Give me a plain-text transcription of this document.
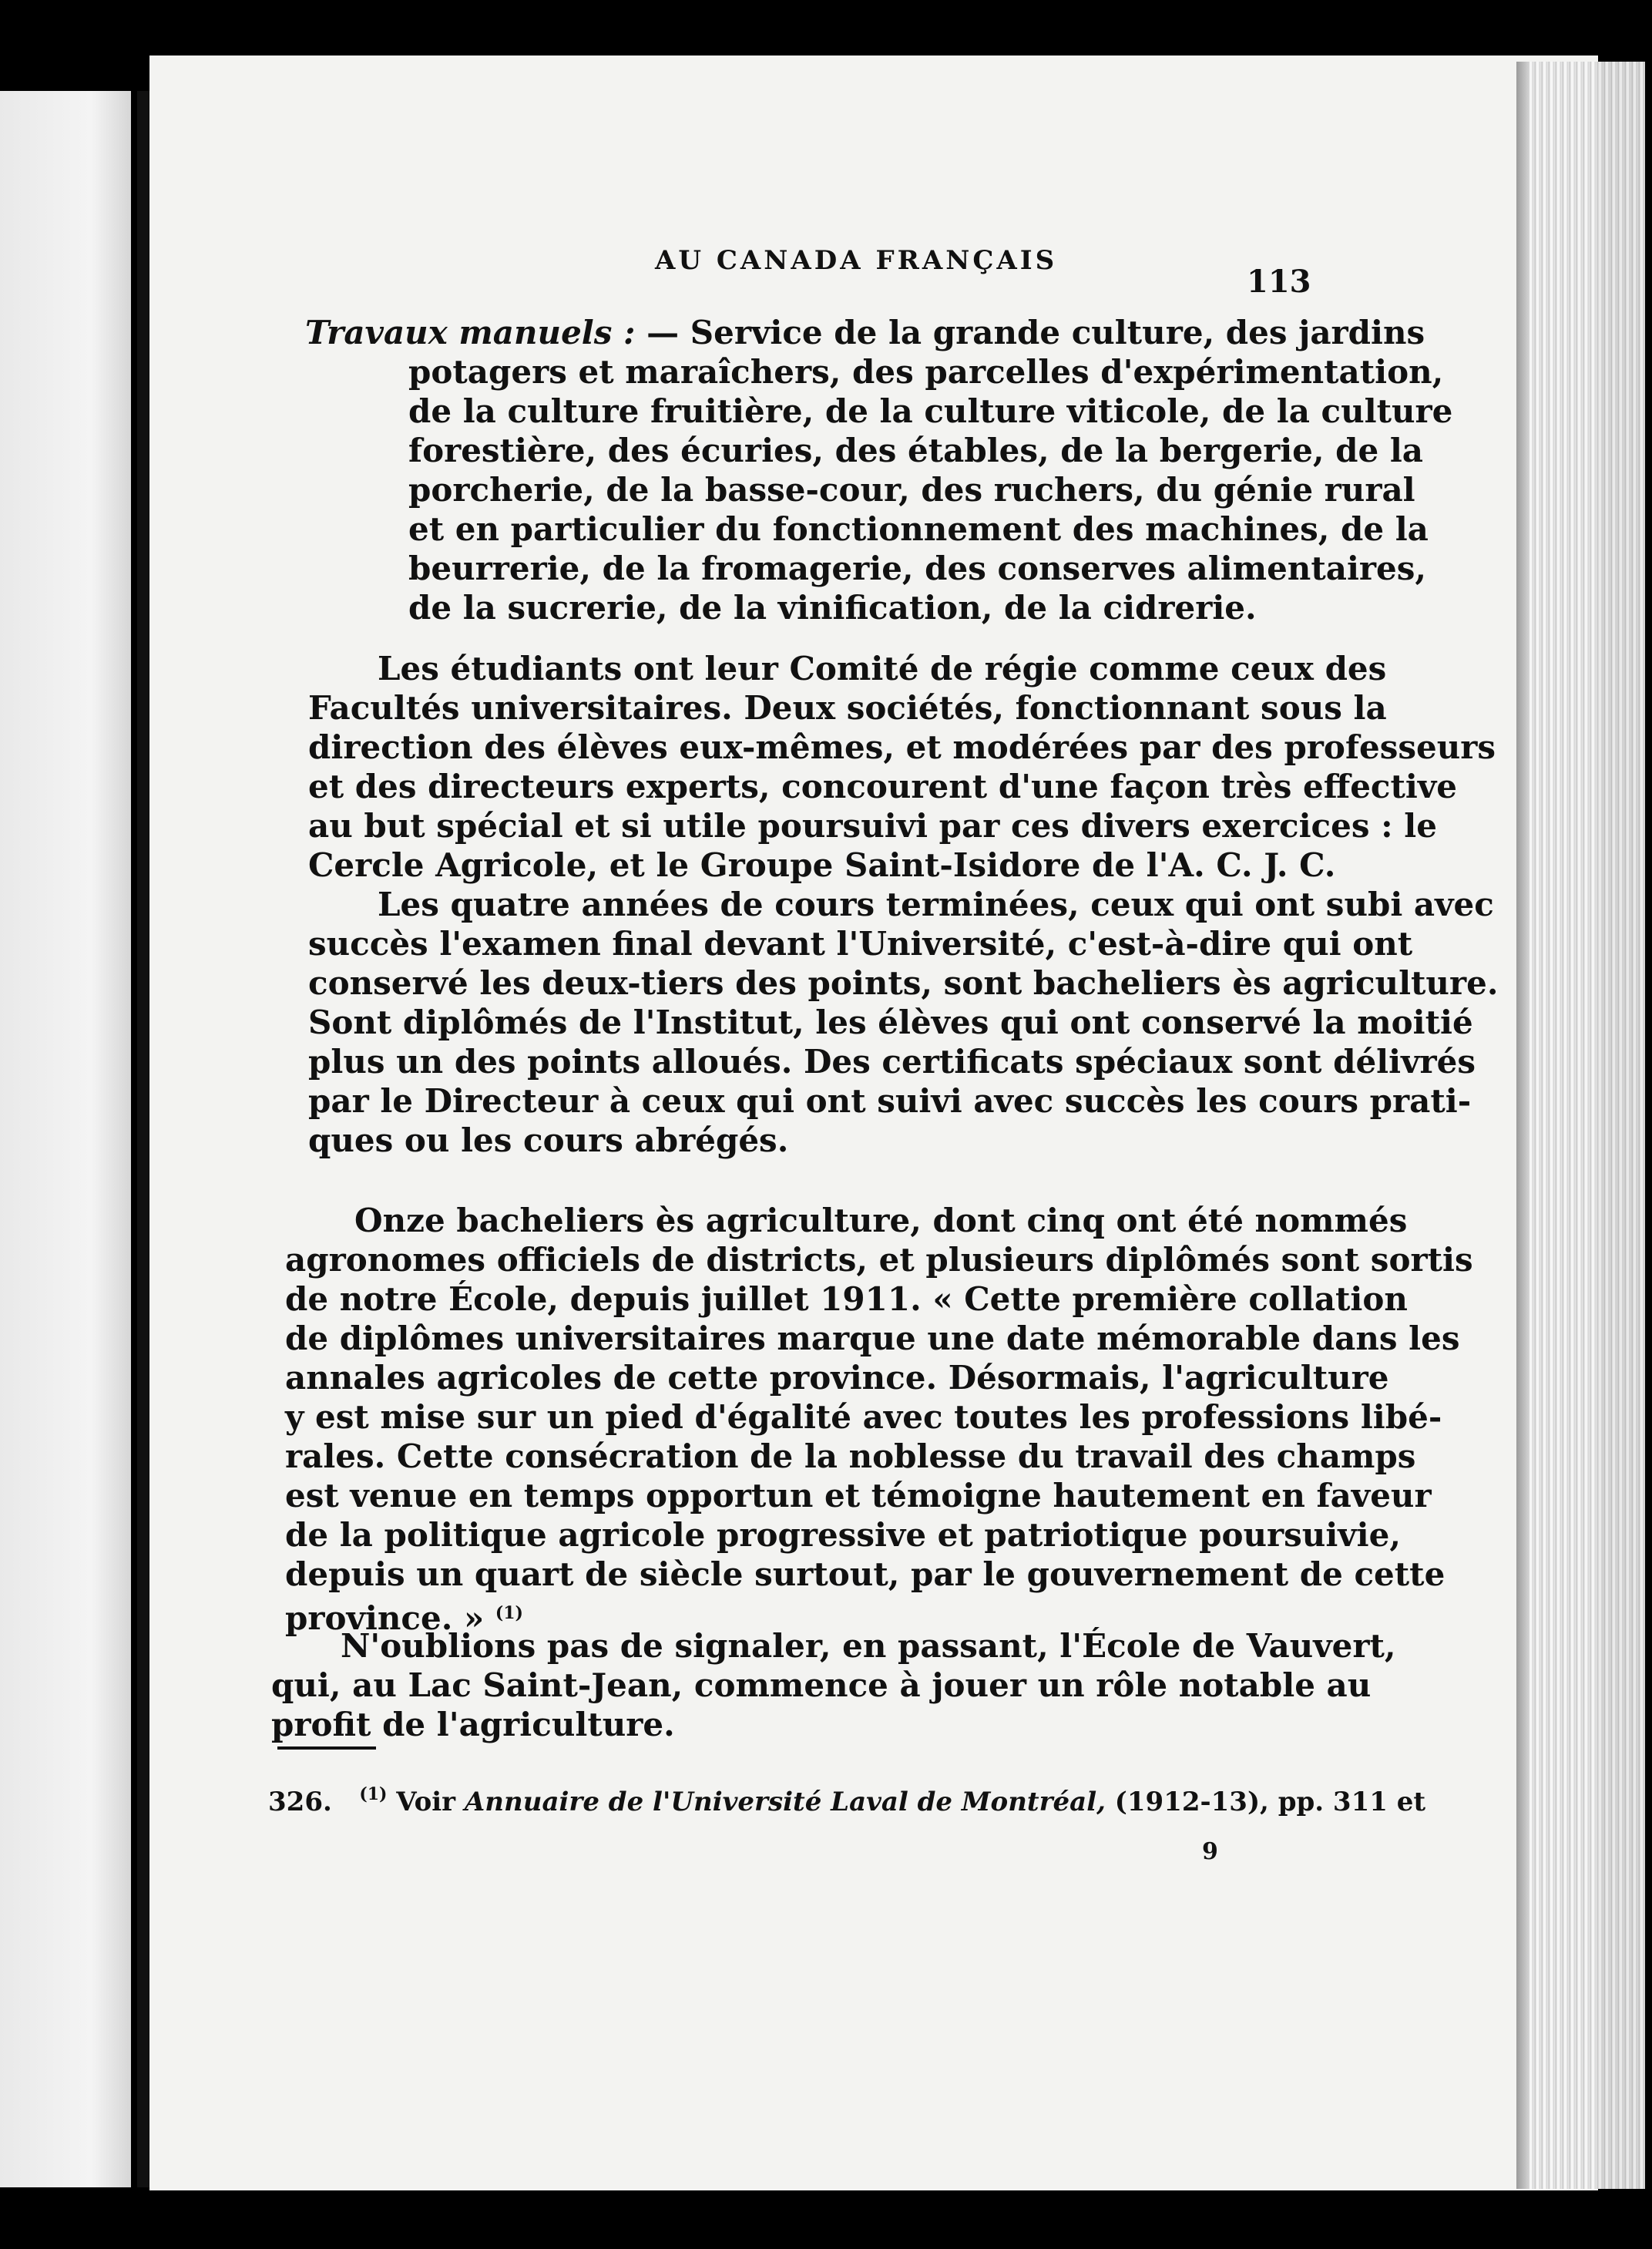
AU CANADA FRANÇAIS
113
Travaux manuels : — Service de la grande culture, des jardins
potagers et maraîchers, des parcelles d'expérimentation,
de la culture fruitière, de la culture viticole, de la culture
forestière, des écuries, des étables, de la bergerie, de la
porcherie, de la basse-cour, des ruchers, du génie rural
et en particulier du fonctionnement des machines, de la
beurrerie, de la fromagerie, des conserves alimentaires,
de la sucrerie, de la vinification, de la cidrerie.
Les étudiants ont leur Comité de régie comme ceux des
Facultés universitaires. Deux sociétés, fonctionnant sous la
direction des élèves eux-mêmes, et modérées par des professeurs
et des directeurs experts, concourent d'une façon très effective
au but spécial et si utile poursuivi par ces divers exercices : le
Cercle Agricole, et le Groupe Saint-Isidore de l'A. C. J. C.
Les quatre années de cours terminées, ceux qui ont subi avec
succès l'examen final devant l'Université, c'est-à-dire qui ont
conservé les deux-tiers des points, sont bacheliers ès agriculture.
Sont diplômés de l'Institut, les élèves qui ont conservé la moitié
plus un des points alloués. Des certificats spéciaux sont délivrés
par le Directeur à ceux qui ont suivi avec succès les cours prati-
ques ou les cours abrégés.
Onze bacheliers ès agriculture, dont cinq ont été nommés
agronomes officiels de districts, et plusieurs diplômés sont sortis
de notre École, depuis juillet 1911. « Cette première collation
de diplômes universitaires marque une date mémorable dans les
annales agricoles de cette province. Désormais, l'agriculture
y est mise sur un pied d'égalité avec toutes les professions libé-
rales. Cette consécration de la noblesse du travail des champs
est venue en temps opportun et témoigne hautement en faveur
de la politique agricole progressive et patriotique poursuivie,
depuis un quart de siècle surtout, par le gouvernement de cette
province. » $^{(1)}$
N'oublions pas de signaler, en passant, l'École de Vauvert,
qui, au Lac Saint-Jean, commence à jouer un rôle notable au
profit de l'agriculture.
326. $^{(1)}$ Voir Annuaire de l'Université Laval de Montréal, (1912-13), pp. 311 et
9
